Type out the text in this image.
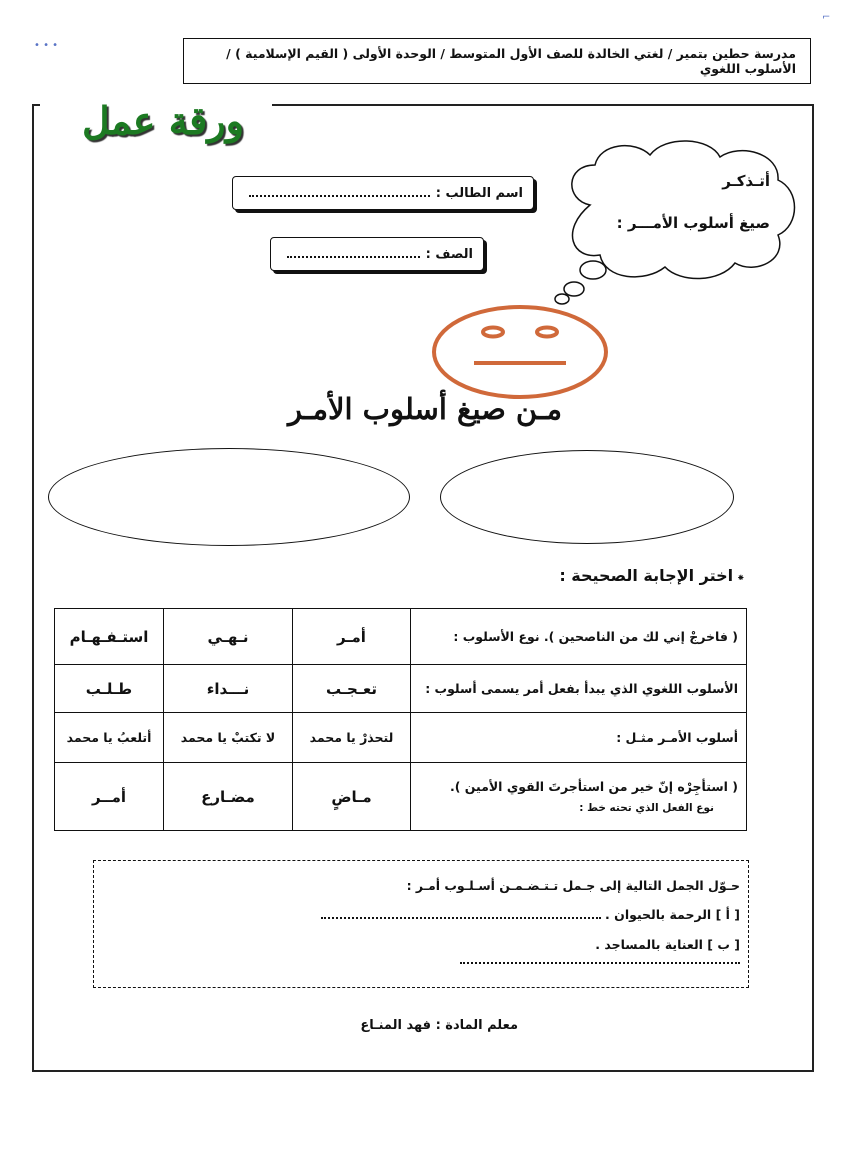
• • •
⌐
مدرسة حطين بتمير / لغتي الخالدة للصف الأول المتوسط / الوحدة الأولى ( القيم الإسلامية ) / الأسلوب اللغوي
ورقة عمل
أتـذكـر
صيغ أسلوب الأمـــر :
اسم الطالب :
الصف :
مـن صيغ أسلوب الأمـر
⁕ اختر الإجابة الصحيحة :
استـفـهـام	نـهـي	أمـر	( فاخرجْ إني لك من الناصحين ). نوع الأسلوب :
طـلـب	نـــداء	تعـجـب	الأسلوب اللغوي الذي يبدأ بفعل أمر يسمى أسلوب :
أتلعبُ يا محمد	لا تكتبْ يا محمد	لتحذرْ يا محمد	أسلوب الأمـر مثـل :
أمــر	مضـارع	مـاضٍ	( استأجِرْه إنّ خير من استأجرتَ القوي الأمين ).
نوع الفعل الذي تحته خط :
حـوّل الجمل التالية إلى جـمل تـتـضـمـن أسـلـوب أمـر :
[ أ ] الرحمة بالحيوان .
[ ب ] العناية بالمساجد .
معلم المادة : فهد المنـاع
